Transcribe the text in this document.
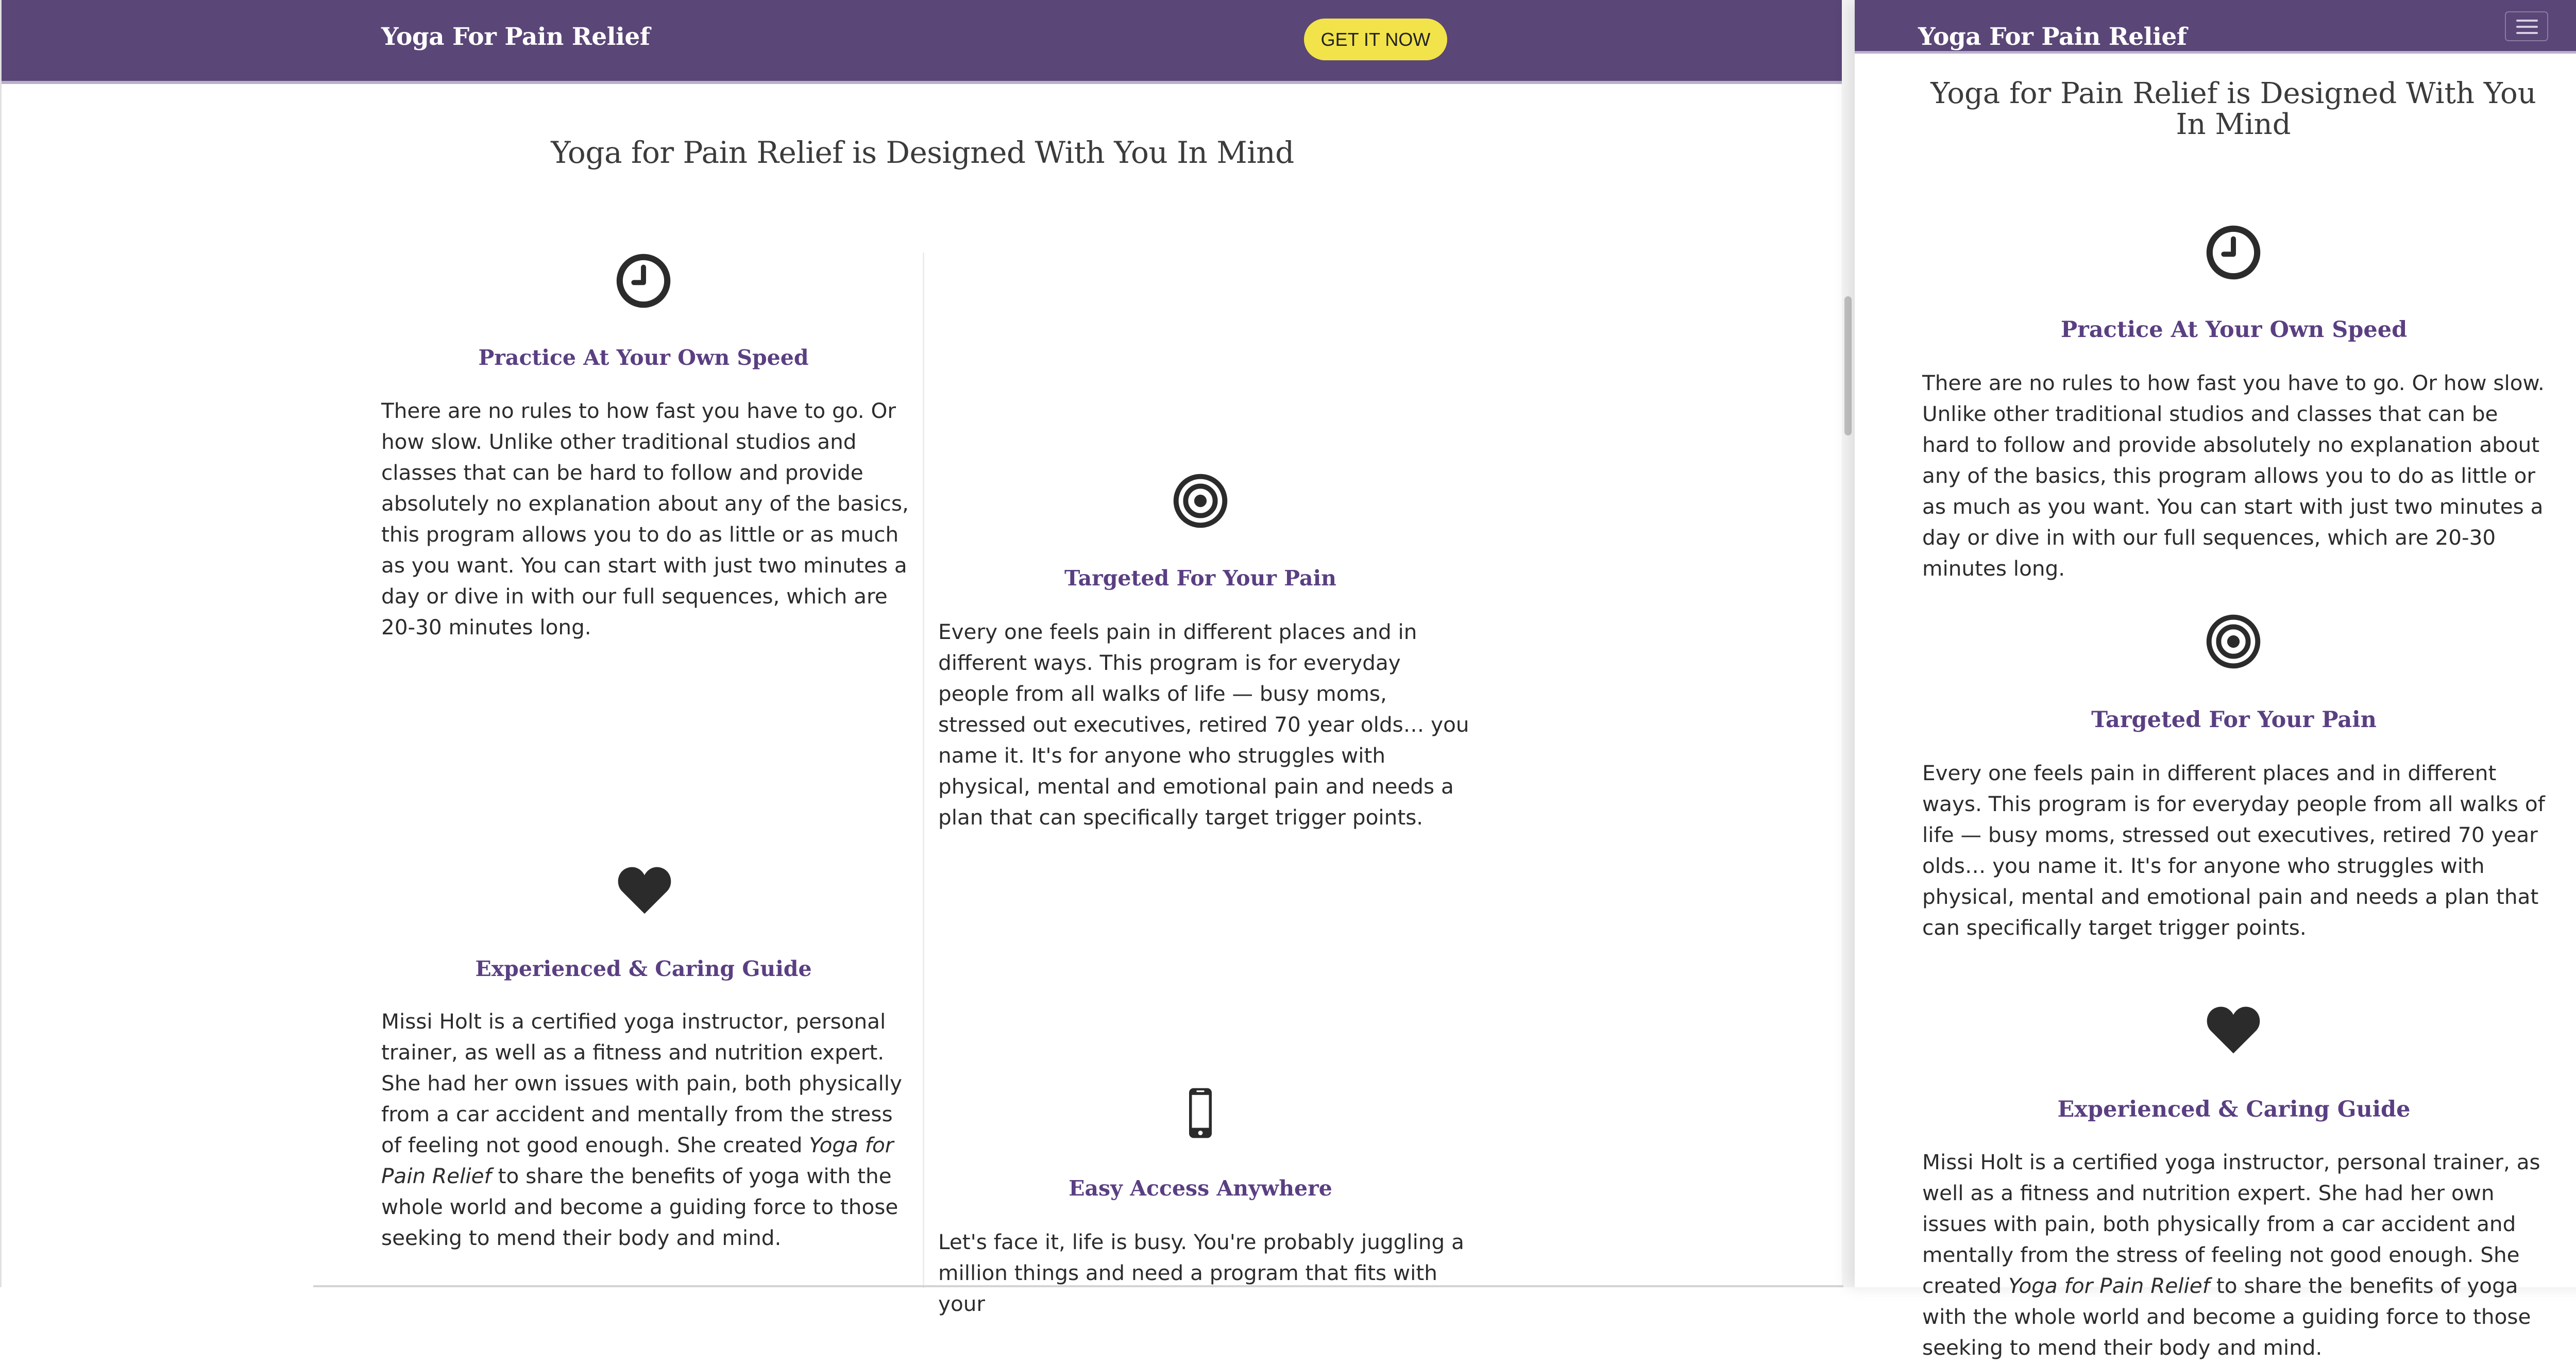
Yoga For Pain Relief	GET IT NOW
Yoga for Pain Relief is Designed With You In Mind
Practice At Your Own Speed
There are no rules to how fast you have to go. Or how slow. Unlike other traditional studios and classes that can be hard to follow and provide absolutely no explanation about any of the basics, this program allows you to do as little or as much as you want. You can start with just two minutes a day or dive in with our full sequences, which are 20-30 minutes long.
Targeted For Your Pain
Every one feels pain in different places and in different ways. This program is for everyday people from all walks of life — busy moms, stressed out executives, retired 70 year olds… you name it. It's for anyone who struggles with physical, mental and emotional pain and needs a plan that can specifically target trigger points.
Experienced & Caring Guide
Missi Holt is a certified yoga instructor, personal trainer, as well as a fitness and nutrition expert. She had her own issues with pain, both physically from a car accident and mentally from the stress of feeling not good enough. She created Yoga for Pain Relief to share the benefits of yoga with the whole world and become a guiding force to those seeking to mend their body and mind.
Easy Access Anywhere
Let's face it, life is busy. You're probably juggling a million things and need a program that fits with your
Yoga For Pain Relief
Yoga for Pain Relief is Designed With You In Mind
Practice At Your Own Speed
There are no rules to how fast you have to go. Or how slow. Unlike other traditional studios and classes that can be hard to follow and provide absolutely no explanation about any of the basics, this program allows you to do as little or as much as you want. You can start with just two minutes a day or dive in with our full sequences, which are 20-30 minutes long.
Targeted For Your Pain
Every one feels pain in different places and in different ways. This program is for everyday people from all walks of life — busy moms, stressed out executives, retired 70 year olds… you name it. It's for anyone who struggles with physical, mental and emotional pain and needs a plan that can specifically target trigger points.
Experienced & Caring Guide
Missi Holt is a certified yoga instructor, personal trainer, as well as a fitness and nutrition expert. She had her own issues with pain, both physically from a car accident and mentally from the stress of feeling not good enough. She created Yoga for Pain Relief to share the benefits of yoga with the whole world and become a guiding force to those seeking to mend their body and mind.
